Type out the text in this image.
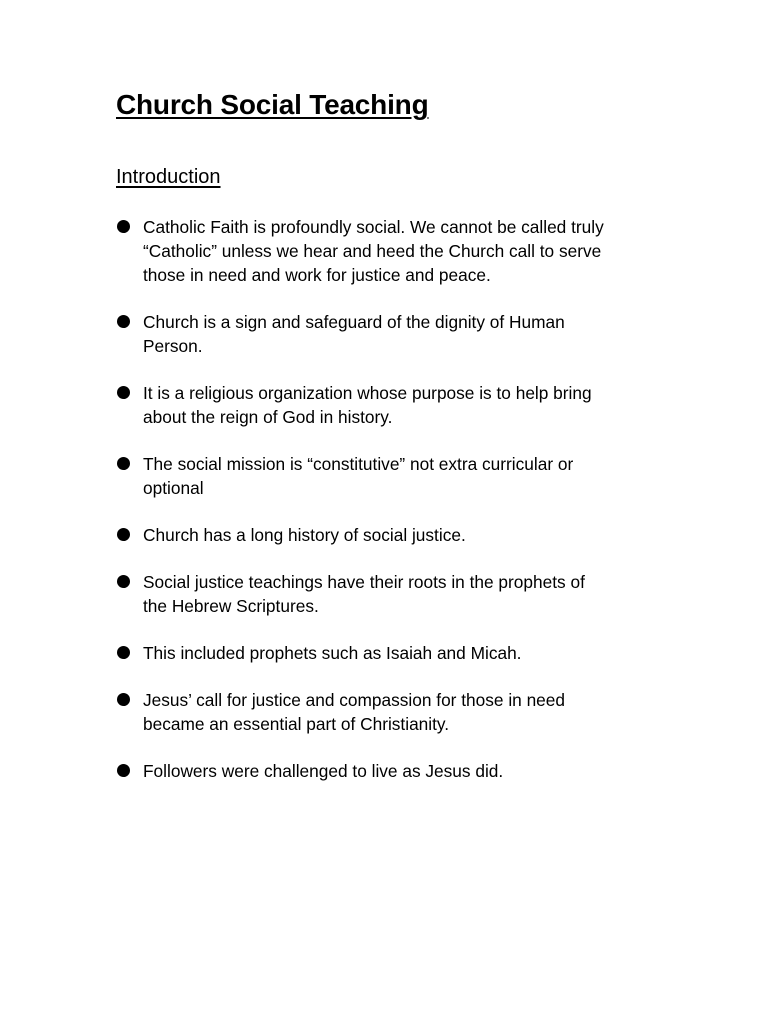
Church Social Teaching
Introduction
Catholic Faith is profoundly social. We cannot be called truly
“Catholic” unless we hear and heed the Church call to serve
those in need and work for justice and peace.
Church is a sign and safeguard of the dignity of Human
Person.
It is a religious organization whose purpose is to help bring
about the reign of God in history.
The social mission is “constitutive” not extra curricular or
optional
Church has a long history of social justice.
Social justice teachings have their roots in the prophets of
the Hebrew Scriptures.
This included prophets such as Isaiah and Micah.
Jesus’ call for justice and compassion for those in need
became an essential part of Christianity.
Followers were challenged to live as Jesus did.
